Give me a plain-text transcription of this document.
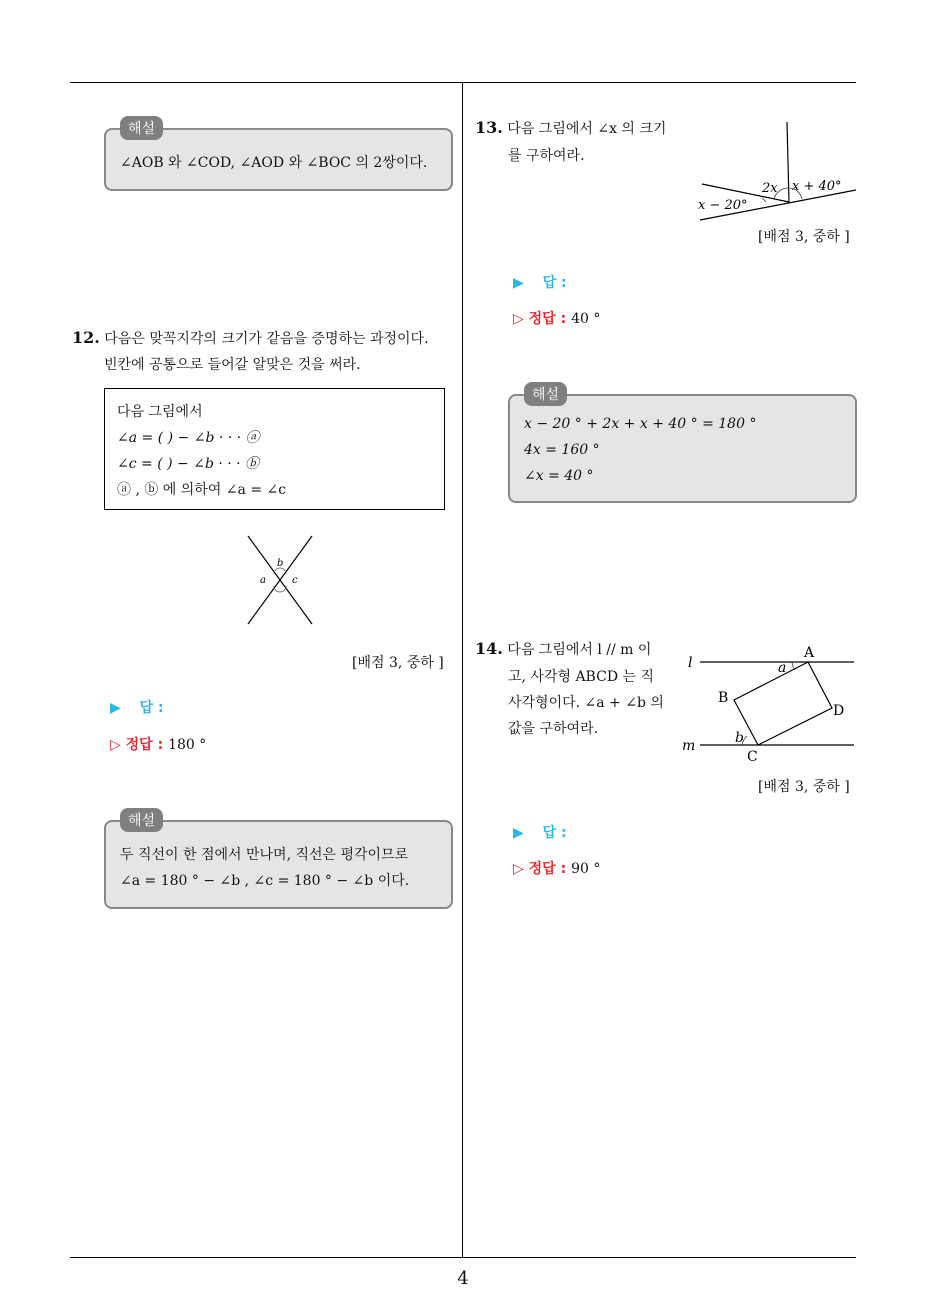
4
해설
∠AOB 와 ∠COD, ∠AOD 와 ∠BOC 의 2쌍이다.
12. 다음은 맞꼭지각의 크기가 같음을 증명하는 과정이다.
빈칸에 공통으로 들어갈 알맞은 것을 써라.
다음 그림에서
∠a = ( ) − ∠b · · · ⓐ
∠c = ( ) − ∠b · · · ⓑ
ⓐ , ⓑ 에 의하여 ∠a = ∠c
b
a	c
[배점 3, 중하 ]
▶ 답 :
▷ 정답 : 180 °
해설
두 직선이 한 점에서 만나며, 직선은 평각이므로
∠a = 180 ° − ∠b , ∠c = 180 ° − ∠b 이다.
13. 다음 그림에서 ∠x 의 크기
를 구하여라.
x − 20°
2x x + 40°
[배점 3, 중하 ]
▶ 답 :
▷ 정답 : 40 °
해설
x − 20 ° + 2x + x + 40 ° = 180 °
4x = 160 °
∠x = 40 °
14. 다음 그림에서 l // m 이
고, 사각형 ABCD 는 직
사각형이다. ∠a + ∠b 의
값을 구하여라.
l
m
A
B
C
D
a
b
[배점 3, 중하 ]
▶ 답 :
▷ 정답 : 90 °
